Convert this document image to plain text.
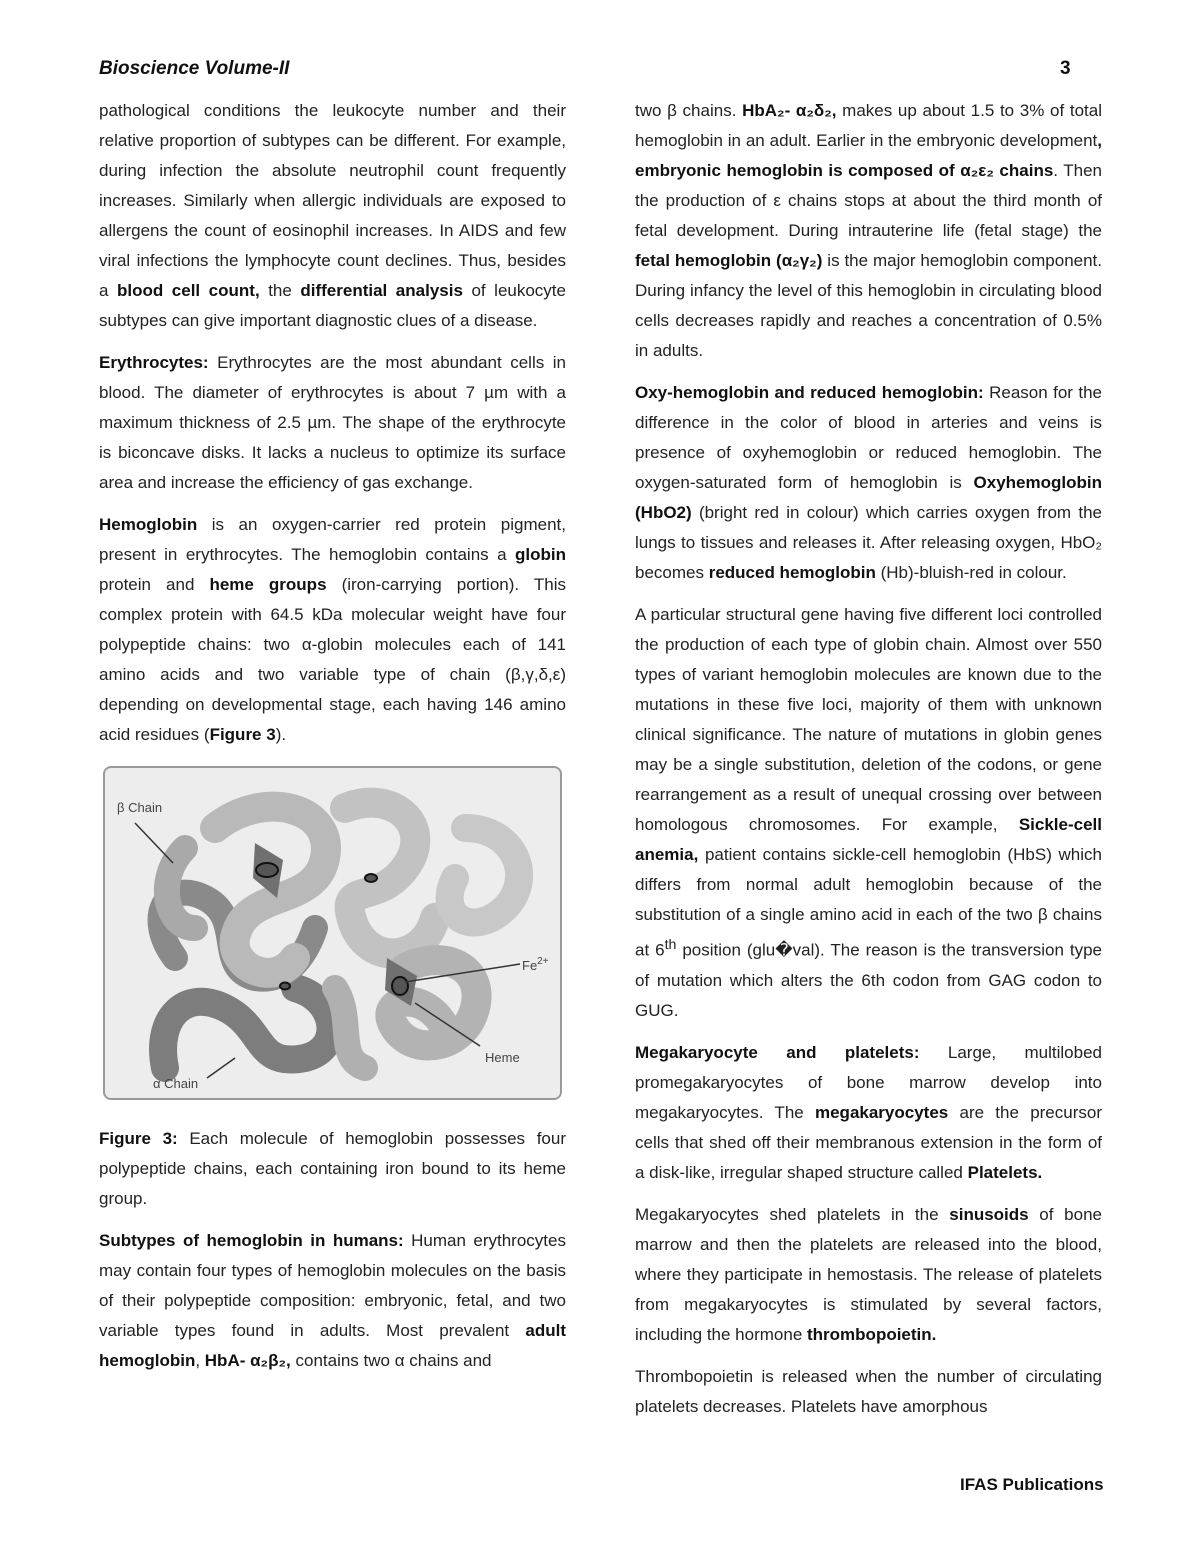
Bioscience Volume-II	3

pathological conditions the leukocyte number and their relative proportion of subtypes can be different. For example, during infection the absolute neutrophil count frequently increases. Similarly when allergic individuals are exposed to allergens the count of eosinophil increases. In AIDS and few viral infections the lymphocyte count declines. Thus, besides a blood cell count, the differential analysis of leukocyte subtypes can give important diagnostic clues of a disease.

Erythrocytes: Erythrocytes are the most abundant cells in blood. The diameter of erythrocytes is about 7 µm with a maximum thickness of 2.5 µm. The shape of the erythrocyte is biconcave disks. It lacks a nucleus to optimize its surface area and increase the efficiency of gas exchange.

Hemoglobin is an oxygen-carrier red protein pigment, present in erythrocytes. The hemoglobin contains a globin protein and heme groups (iron-carrying portion). This complex protein with 64.5 kDa molecular weight have four polypeptide chains: two α-globin molecules each of 141 amino acids and two variable type of chain (β,γ,δ,ε) depending on developmental stage, each having 146 amino acid residues (Figure 3).

β Chain
$Fe^{2+}$
Heme
α Chain

Figure 3: Each molecule of hemoglobin possesses four polypeptide chains, each containing iron bound to its heme group.

Subtypes of hemoglobin in humans: Human erythrocytes may contain four types of hemoglobin molecules on the basis of their polypeptide composition: embryonic, fetal, and two variable types found in adults. Most prevalent adult hemoglobin, HbA- α₂β₂, contains two α chains and

two β chains. HbA₂- α₂δ₂, makes up about 1.5 to 3% of total hemoglobin in an adult. Earlier in the embryonic development, embryonic hemoglobin is composed of α₂ε₂ chains. Then the production of ε chains stops at about the third month of fetal development. During intrauterine life (fetal stage) the fetal hemoglobin (α₂γ₂) is the major hemoglobin component. During infancy the level of this hemoglobin in circulating blood cells decreases rapidly and reaches a concentration of 0.5% in adults.

Oxy-hemoglobin and reduced hemoglobin: Reason for the difference in the color of blood in arteries and veins is presence of oxyhemoglobin or reduced hemoglobin. The oxygen-saturated form of hemoglobin is Oxyhemoglobin (HbO2) (bright red in colour) which carries oxygen from the lungs to tissues and releases it. After releasing oxygen, HbO₂ becomes reduced hemoglobin (Hb)-bluish-red in colour.

A particular structural gene having five different loci controlled the production of each type of globin chain. Almost over 550 types of variant hemoglobin molecules are known due to the mutations in these five loci, majority of them with unknown clinical significance. The nature of mutations in globin genes may be a single substitution, deletion of the codons, or gene rearrangement as a result of unequal crossing over between homologous chromosomes. For example, Sickle-cell anemia, patient contains sickle-cell hemoglobin (HbS) which differs from normal adult hemoglobin because of the substitution of a single amino acid in each of the two β chains at 6th position (glu�val). The reason is the transversion type of mutation which alters the 6th codon from GAG codon to GUG.

Megakaryocyte and platelets: Large, multilobed promegakaryocytes of bone marrow develop into megakaryocytes. The megakaryocytes are the precursor cells that shed off their membranous extension in the form of a disk-like, irregular shaped structure called Platelets.

Megakaryocytes shed platelets in the sinusoids of bone marrow and then the platelets are released into the blood, where they participate in hemostasis. The release of platelets from megakaryocytes is stimulated by several factors, including the hormone thrombopoietin.

Thrombopoietin is released when the number of circulating platelets decreases. Platelets have amorphous

IFAS Publications
